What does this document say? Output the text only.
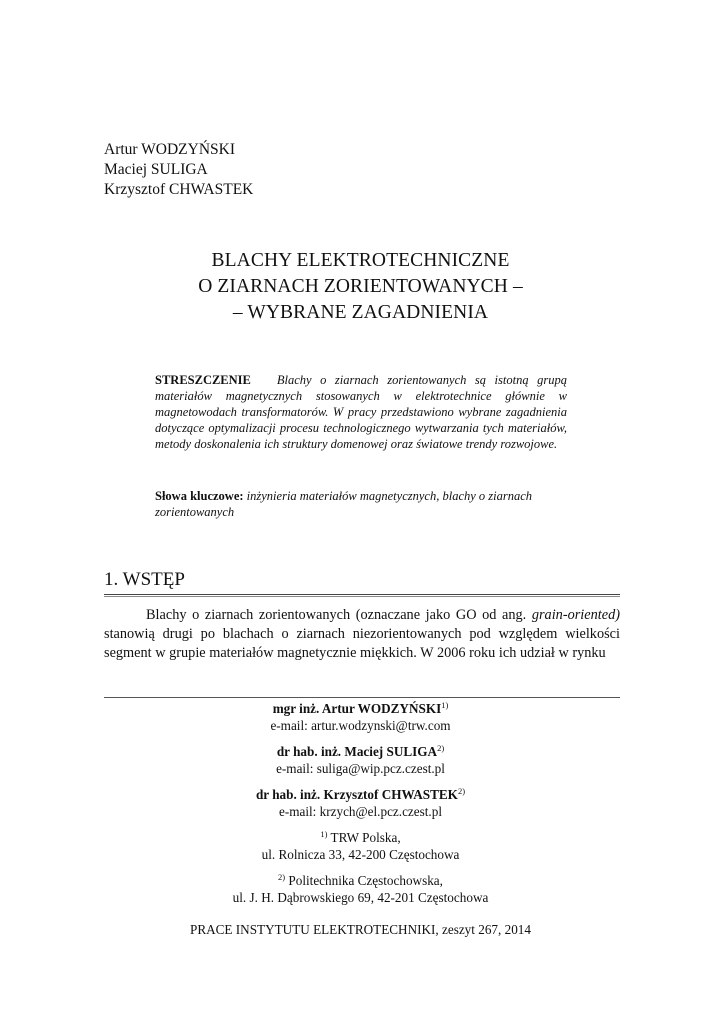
Artur WODZYŃSKI
Maciej SULIGA
Krzysztof CHWASTEK
BLACHY ELEKTROTECHNICZNE
O ZIARNACH ZORIENTOWANYCH –
– WYBRANE ZAGADNIENIA
STRESZCZENIE Blachy o ziarnach zorientowanych są istotną grupą materiałów magnetycznych stosowanych w elektrotechnice głównie w magnetowodach transformatorów. W pracy przedstawiono wybrane zagadnienia dotyczące optymalizacji procesu technologicznego wytwarzania tych materiałów, metody doskonalenia ich struktury domenowej oraz światowe trendy rozwojowe.
Słowa kluczowe: inżynieria materiałów magnetycznych, blachy o ziarnach zorientowanych
1. WSTĘP
Blachy o ziarnach zorientowanych (oznaczane jako GO od ang. grain-oriented) stanowią drugi po blachach o ziarnach niezorientowanych pod względem wielkości segment w grupie materiałów magnetycznie miękkich. W 2006 roku ich udział w rynku
mgr inż. Artur WODZYŃSKI$^{1)}$
e-mail: artur.wodzynski@trw.com
dr hab. inż. Maciej SULIGA$^{2)}$
e-mail: suliga@wip.pcz.czest.pl
dr hab. inż. Krzysztof CHWASTEK$^{2)}$
e-mail: krzych@el.pcz.czest.pl
$^{1)}$ TRW Polska,
ul. Rolnicza 33, 42-200 Częstochowa
$^{2)}$ Politechnika Częstochowska,
ul. J. H. Dąbrowskiego 69, 42-201 Częstochowa
PRACE INSTYTUTU ELEKTROTECHNIKI, zeszyt 267, 2014
